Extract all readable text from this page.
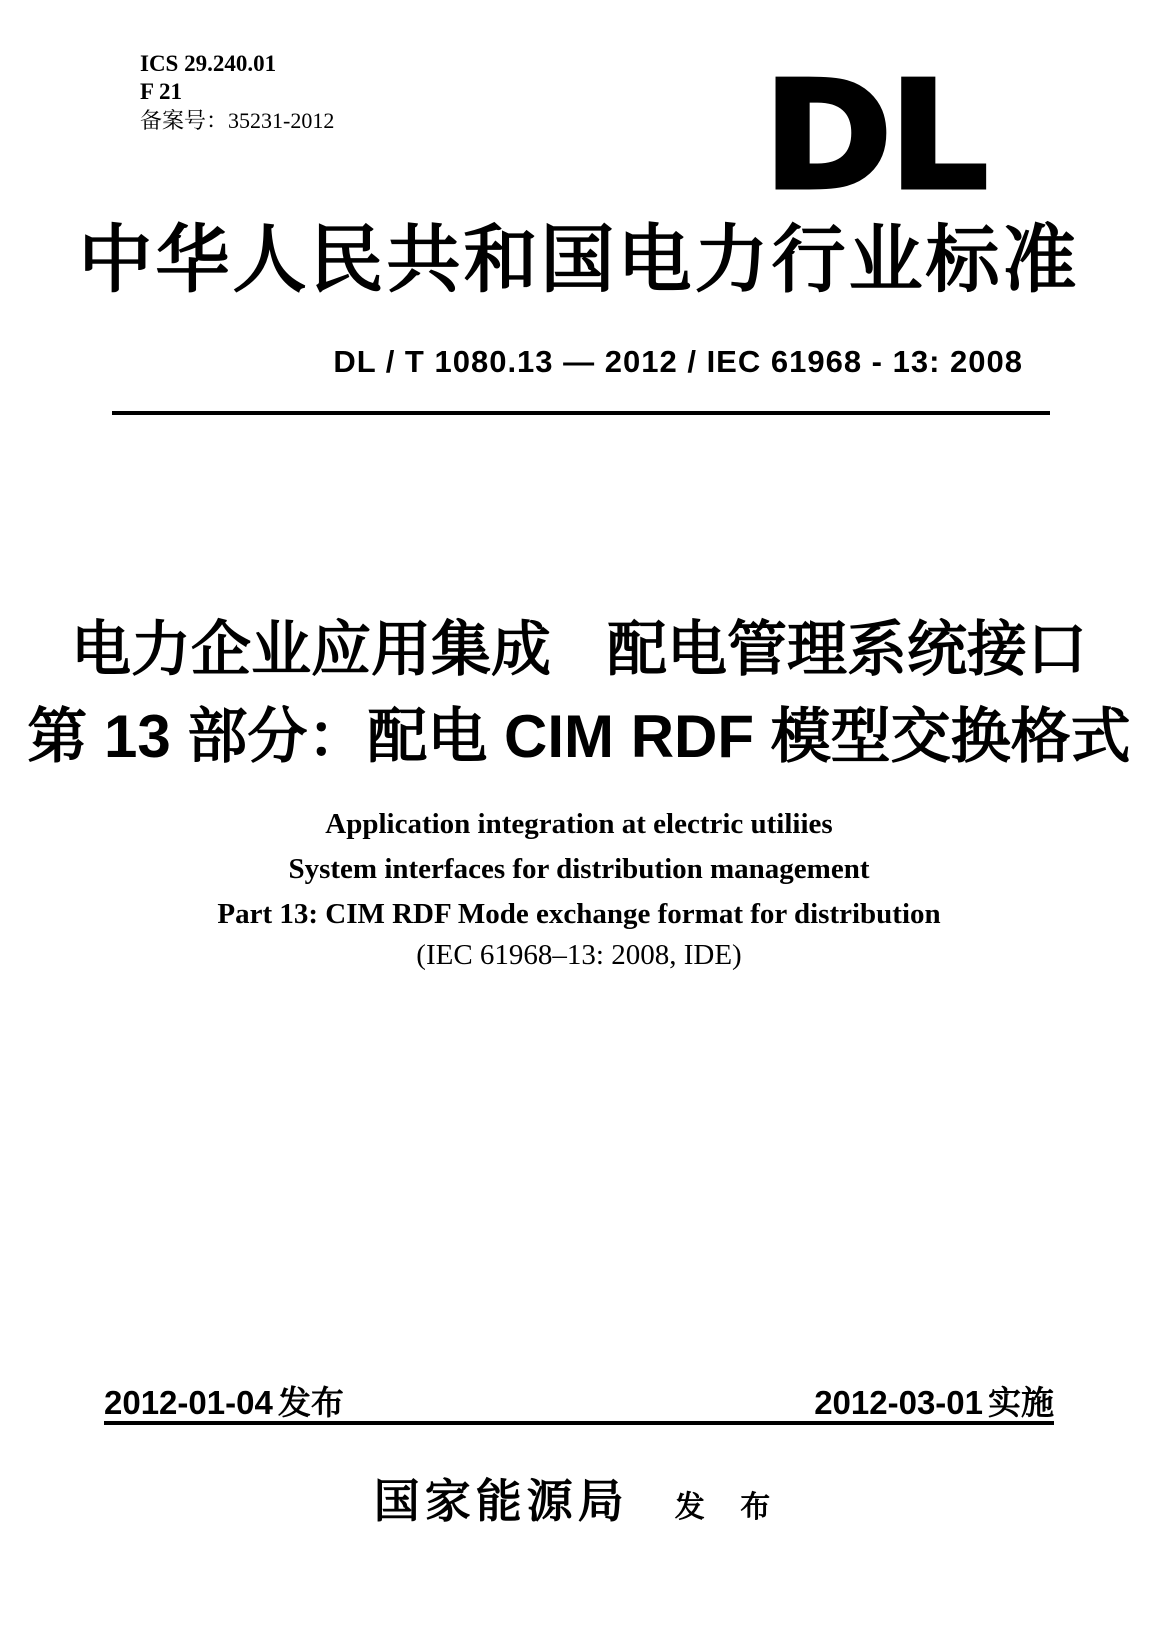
ICS 29.240.01
F 21
备案号：35231-2012	DL
中华人民共和国电力行业标准
DL / T 1080.13 — 2012 / IEC 61968 - 13: 2008
电力企业应用集成 配电管理系统接口
第 13 部分：配电 CIM RDF 模型交换格式
Application integration at electric utiliies
System interfaces for distribution management
Part 13: CIM RDF Mode exchange format for distribution
(IEC 61968–13: 2008, IDE)
2012-01-04 发布	2012-03-01 实施
国家能源局 发 布
